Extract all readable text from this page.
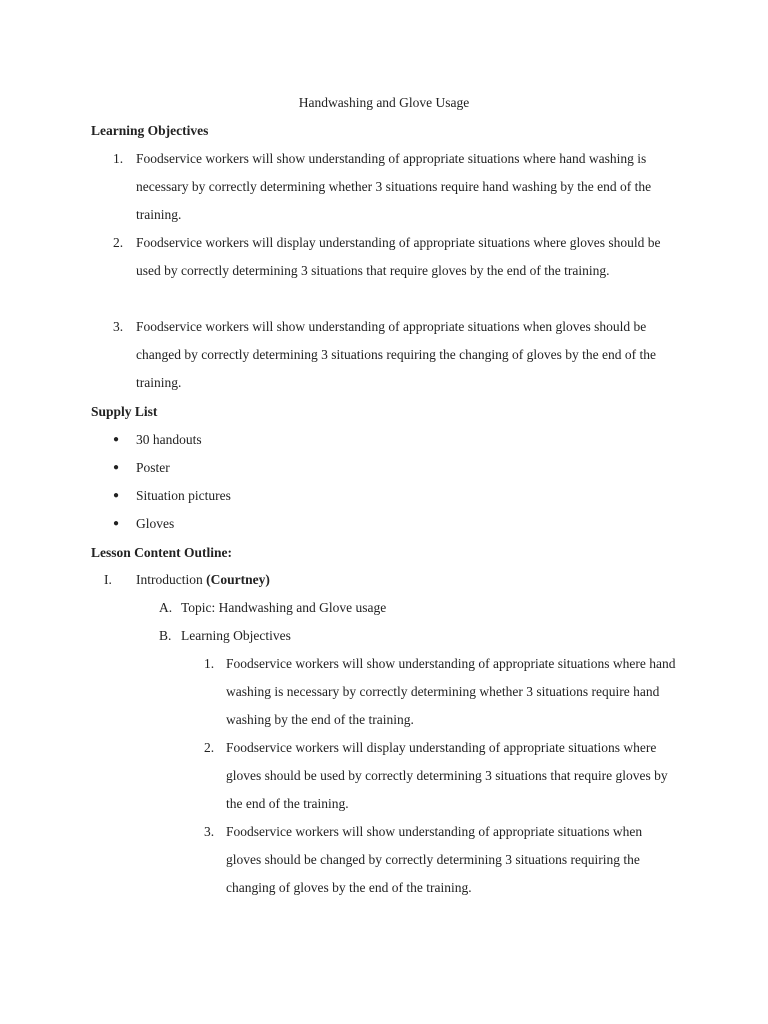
Handwashing and Glove Usage
Learning Objectives
1. Foodservice workers will show understanding of appropriate situations where hand washing is necessary by correctly determining whether 3 situations require hand washing by the end of the training.
2. Foodservice workers will display understanding of appropriate situations where gloves should be used by correctly determining 3 situations that require gloves by the end of the training.
3. Foodservice workers will show understanding of appropriate situations when gloves should be changed by correctly determining 3 situations requiring the changing of gloves by the end of the training.
Supply List
● 30 handouts
● Poster
● Situation pictures
● Gloves
Lesson Content Outline:
I. Introduction (Courtney)
A. Topic: Handwashing and Glove usage
B. Learning Objectives
1. Foodservice workers will show understanding of appropriate situations where hand washing is necessary by correctly determining whether 3 situations require hand washing by the end of the training.
2. Foodservice workers will display understanding of appropriate situations where gloves should be used by correctly determining 3 situations that require gloves by the end of the training.
3. Foodservice workers will show understanding of appropriate situations when gloves should be changed by correctly determining 3 situations requiring the changing of gloves by the end of the training.
